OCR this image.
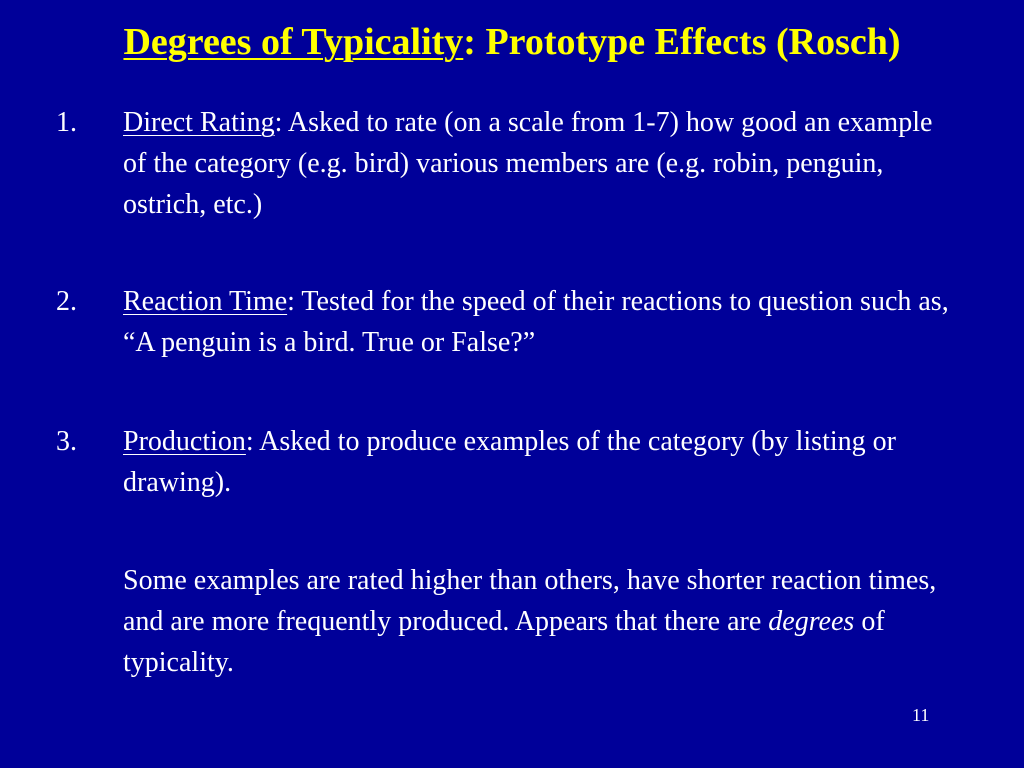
Degrees of Typicality: Prototype Effects (Rosch)
1. Direct Rating: Asked to rate (on a scale from 1-7) how good an example of the category (e.g. bird) various members are (e.g. robin, penguin, ostrich, etc.)
2. Reaction Time: Tested for the speed of their reactions to question such as, “A penguin is a bird. True or False?”
3. Production: Asked to produce examples of the category (by listing or drawing).
Some examples are rated higher than others, have shorter reaction times, and are more frequently produced. Appears that there are degrees of typicality.
11
